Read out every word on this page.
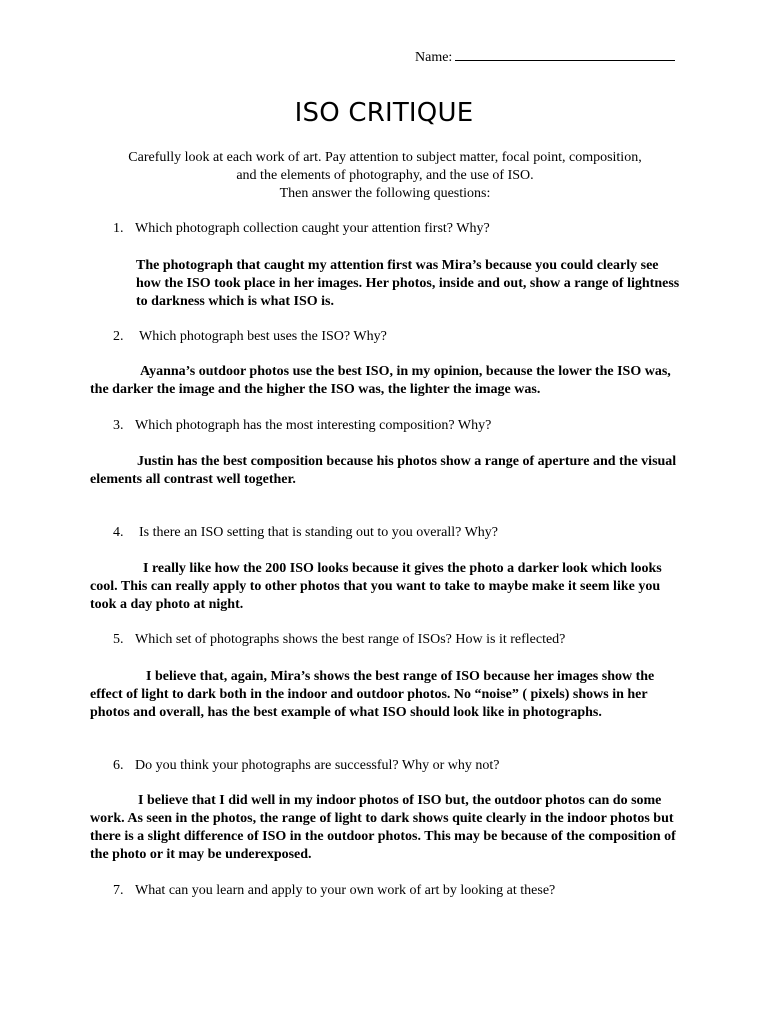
Name:
ISO CRITIQUE
Carefully look at each work of art. Pay attention to subject matter, focal point, composition,
and the elements of photography, and the use of ISO.
Then answer the following questions:
1. Which photograph collection caught your attention first? Why?
The photograph that caught my attention first was Mira’s because you could clearly see how the ISO took place in her images. Her photos, inside and out, show a range of lightness to darkness which is what ISO is.
2. Which photograph best uses the ISO? Why?
Ayanna’s outdoor photos use the best ISO, in my opinion, because the lower the ISO was, the darker the image and the higher the ISO was, the lighter the image was.
3. Which photograph has the most interesting composition? Why?
Justin has the best composition because his photos show a range of aperture and the visual elements all contrast well together.
4. Is there an ISO setting that is standing out to you overall? Why?
I really like how the 200 ISO looks because it gives the photo a darker look which looks cool. This can really apply to other photos that you want to take to maybe make it seem like you took a day photo at night.
5. Which set of photographs shows the best range of ISOs? How is it reflected?
I believe that, again, Mira’s shows the best range of ISO because her images show the effect of light to dark both in the indoor and outdoor photos. No “noise” ( pixels) shows in her photos and overall, has the best example of what ISO should look like in photographs.
6. Do you think your photographs are successful? Why or why not?
I believe that I did well in my indoor photos of ISO but, the outdoor photos can do some work. As seen in the photos, the range of light to dark shows quite clearly in the indoor photos but there is a slight difference of ISO in the outdoor photos. This may be because of the composition of the photo or it may be underexposed.
7. What can you learn and apply to your own work of art by looking at these?
